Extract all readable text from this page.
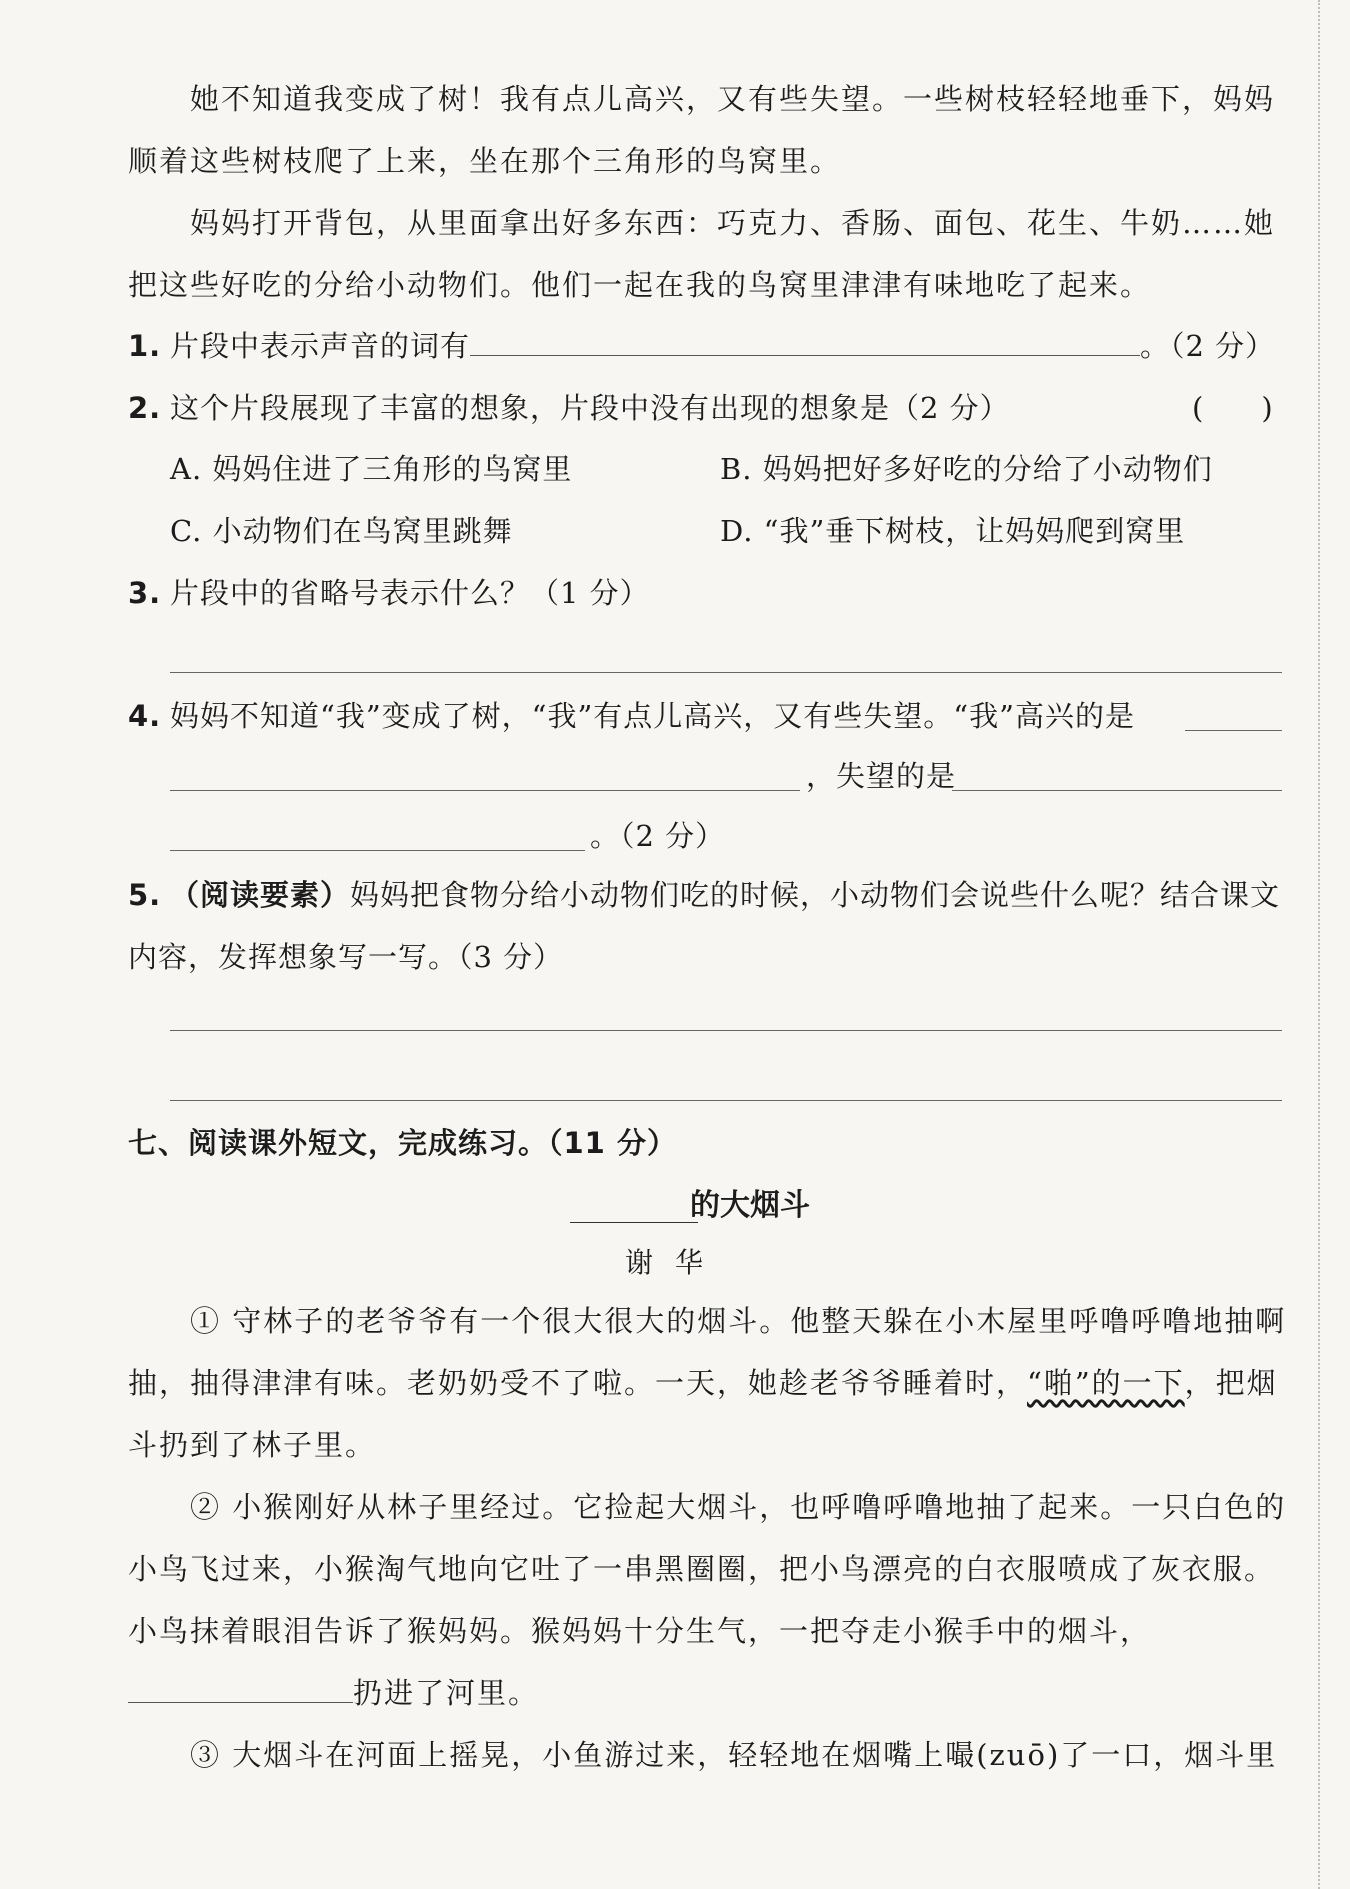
她不知道我变成了树！我有点儿高兴，又有些失望。一些树枝轻轻地垂下，妈妈顺着这些树枝爬了上来，坐在那个三角形的鸟窝里。

妈妈打开背包，从里面拿出好多东西：巧克力、香肠、面包、花生、牛奶……她把这些好吃的分给小动物们。他们一起在我的鸟窝里津津有味地吃了起来。

1. 片段中表示声音的词有	。（2 分）
2. 这个片段展现了丰富的想象，片段中没有出现的想象是（2 分）	(　　)
A. 妈妈住进了三角形的鸟窝里	B. 妈妈把好多好吃的分给了小动物们
C. 小动物们在鸟窝里跳舞	D. “我”垂下树枝，让妈妈爬到窝里
3. 片段中的省略号表示什么？（1 分）
4. 妈妈不知道“我”变成了树，“我”有点儿高兴，又有些失望。“我”高兴的是
，失望的是
。（2 分）
5. （阅读要素）妈妈把食物分给小动物们吃的时候，小动物们会说些什么呢？结合课文内容，发挥想象写一写。（3 分）
七、阅读课外短文，完成练习。（11 分）
的大烟斗
谢华

① 守林子的老爷爷有一个很大很大的烟斗。他整天躲在小木屋里呼噜呼噜地抽啊抽，抽得津津有味。老奶奶受不了啦。一天，她趁老爷爷睡着时，“啪”的一下，把烟斗扔到了林子里。

② 小猴刚好从林子里经过。它捡起大烟斗，也呼噜呼噜地抽了起来。一只白色的小鸟飞过来，小猴淘气地向它吐了一串黑圈圈，把小鸟漂亮的白衣服喷成了灰衣服。小鸟抹着眼泪告诉了猴妈妈。猴妈妈十分生气，一把夺走小猴手中的烟斗，扔进了河里。

③ 大烟斗在河面上摇晃，小鱼游过来，轻轻地在烟嘴上嘬(zuō)了一口，烟斗里
